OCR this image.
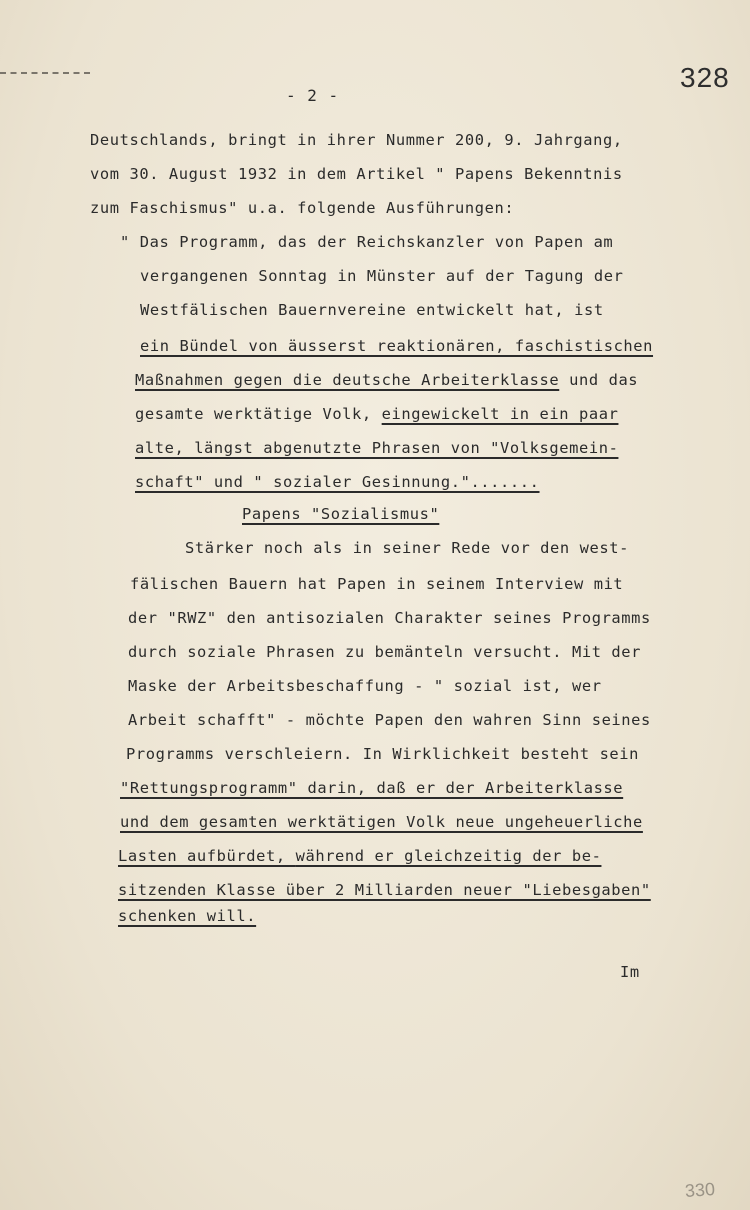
328
- 2 -
Deutschlands, bringt in ihrer Nummer 200, 9. Jahrgang,
vom 30. August 1932 in dem Artikel " Papens Bekenntnis
zum Faschismus" u.a. folgende Ausführungen:
" Das Programm, das der Reichskanzler von Papen am
vergangenen Sonntag in Münster auf der Tagung der
Westfälischen Bauernvereine entwickelt hat, ist
ein Bündel von äusserst reaktionären, faschistischen
Maßnahmen gegen die deutsche Arbeiterklasse und das
gesamte werktätige Volk, eingewickelt in ein paar
alte, längst abgenutzte Phrasen von "Volksgemein-
schaft" und " sozialer Gesinnung.".......
Papens "Sozialismus"
Stärker noch als in seiner Rede vor den west-
fälischen Bauern hat Papen in seinem Interview mit
der "RWZ" den antisozialen Charakter seines Programms
durch soziale Phrasen zu bemänteln versucht. Mit der
Maske der Arbeitsbeschaffung - " sozial ist, wer
Arbeit schafft" - möchte Papen den wahren Sinn seines
Programms verschleiern. In Wirklichkeit besteht sein
"Rettungsprogramm" darin, daß er der Arbeiterklasse
und dem gesamten werktätigen Volk neue ungeheuerliche
Lasten aufbürdet, während er gleichzeitig der be-
sitzenden Klasse über 2 Milliarden neuer "Liebesgaben"
schenken will.
Im
330
